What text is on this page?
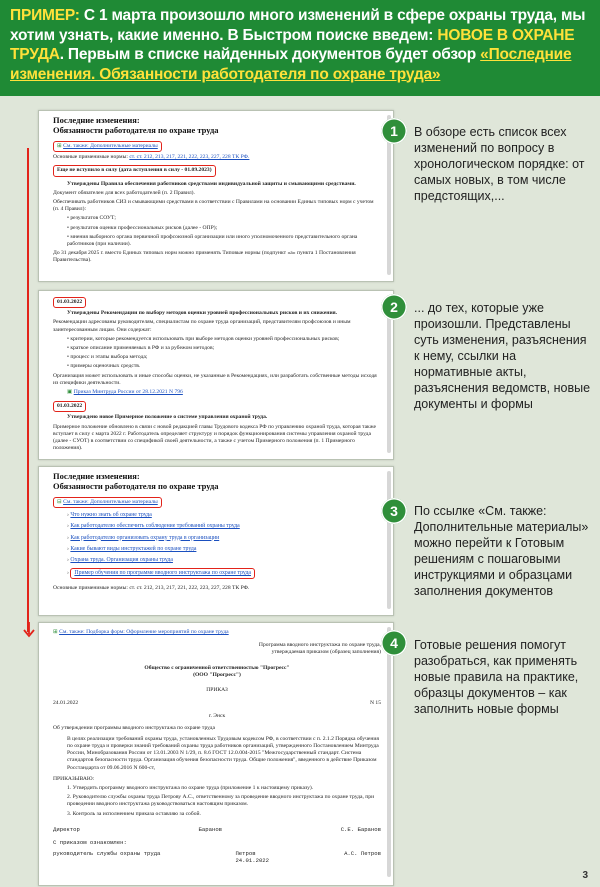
ПРИМЕР: С 1 марта произошло много изменений в сфере охраны труда, мы хотим узнать, какие именно. В Быстром поиске введем: НОВОЕ В ОХРАНЕ ТРУДА. Первым в списке найденных документов будет обзор «Последние изменения. Обязанности работодателя по охране труда»

Последние изменения:
Обязанности работодателя по охране труда
⊞ См. также: Дополнительные материалы
Основные применимые нормы: ст. ст. 212, 213, 217, 221, 222, 223, 227, 228 ТК РФ.
Еще не вступило в силу (дата вступления в силу - 01.09.2023)
Утверждены Правила обеспечения работников средствами индивидуальной защиты и смывающими средствами.
Документ обязателен для всех работодателей (п. 2 Правил).
Обеспечивать работников СИЗ и смывающими средствами в соответствии с Правилами на основании Единых типовых норм с учетом (п. 4 Правил):
• результатов СОУТ;
• результатов оценки профессиональных рисков (далее - ОПР);
• мнения выборного органа первичной профсоюзной организации или иного уполномоченного представительного органа работников (при наличии).
До 31 декабря 2025 г. вместо Единых типовых норм можно применять Типовые нормы (подпункт «а» пункта 1 Постановления Правительства).
01.03.2022
Утверждены Рекомендации по выбору методов оценки уровней профессиональных рисков и их снижения.
Рекомендации адресованы руководителям, специалистам по охране труда организаций, представителям профсоюзов и иным заинтересованным лицам. Они содержат:
• критерии, которые рекомендуется использовать при выборе методов оценки уровней профессиональных рисков;
• краткое описание применяемых в РФ и за рубежом методов;
• процесс и этапы выбора метода;
• примеры оценочных средств.
Организация может использовать и иные способы оценки, не указанные в Рекомендациях, или разработать собственные методы исходя из специфики деятельности.
▣ Приказ Минтруда России от 28.12.2021 N 796
01.03.2022
Утверждено новое Примерное положение о системе управления охраной труда.
Примерное положение обновлено в связи с новой редакцией главы Трудового кодекса РФ по управлению охраной труда, которая также вступает в силу с марта 2022 г. Работодатель определяет структуру и порядок функционирования системы управления охраной труда (далее - СУОТ) в соответствии со спецификой своей деятельности, а также с учетом Примерного положения (п. 1 Примерного положения).
Последние изменения:
Обязанности работодателя по охране труда
⊟ См. также: Дополнительные материалы
› Что нужно знать об охране труда
› Как работодателю обеспечить соблюдение требований охраны труда
› Как работодателю организовать охрану труда в организации
› Какие бывают виды инструктажей по охране труда
› Охрана труда. Организация охраны труда
› Пример обучения по программе вводного инструктажа по охране труда
Основные применимые нормы: ст. ст. 212, 213, 217, 221, 222, 223, 227, 228 ТК РФ.
⊞ См. также: Подборка форм: Оформление мероприятий по охране труда
Программа вводного инструктажа по охране труда, утверждаемая приказом (образец заполнения)
Общество с ограниченной ответственностью "Прогресс"
(ООО "Прогресс")
ПРИКАЗ
24.01.2022	N 15
г. Энск
Об утверждении программы вводного инструктажа по охране труда
В целях реализации требований охраны труда, установленных Трудовым кодексом РФ, в соответствии с п. 2.1.2 Порядка обучения по охране труда и проверки знаний требований охраны труда работников организаций, утвержденного Постановлением Минтруда России, Минобразования России от 13.01.2003 N 1/29, п. 8.6 ГОСТ 12.0.004-2015 "Межгосударственный стандарт. Система стандартов безопасности труда. Организация обучения безопасности труда. Общие положения", введенного в действие Приказом Росстандарта от 09.06.2016 N 600-ст,
ПРИКАЗЫВАЮ:
1. Утвердить программу вводного инструктажа по охране труда (приложение 1 к настоящему приказу).
2. Руководителю службы охраны труда Петрову А.С., ответственному за проведение вводного инструктажа по охране труда, при проведении вводного инструктажа руководствоваться настоящим приказом.
3. Контроль за исполнением приказа оставляю за собой.
Директор	Баранов	С.Е. Баранов
С приказом ознакомлен:
руководитель службы охраны труда	Петров
24.01.2022
А.С. Петров
1
2
3
4
В обзоре есть список всех изменений по вопросу в хронологическом порядке: от самых новых, в том числе предстоящих,...
... до тех, которые уже произошли. Представлены суть изменения, разъяснения к нему, ссылки на нормативные акты, разъяснения ведомств, новые документы и формы
По ссылке «См. также: Дополнительные материалы» можно перейти к Готовым решениям с пошаговыми инструкциями и образцами заполнения документов
Готовые решения помогут разобраться, как применять новые правила на практике, образцы документов – как заполнить новые формы
3
